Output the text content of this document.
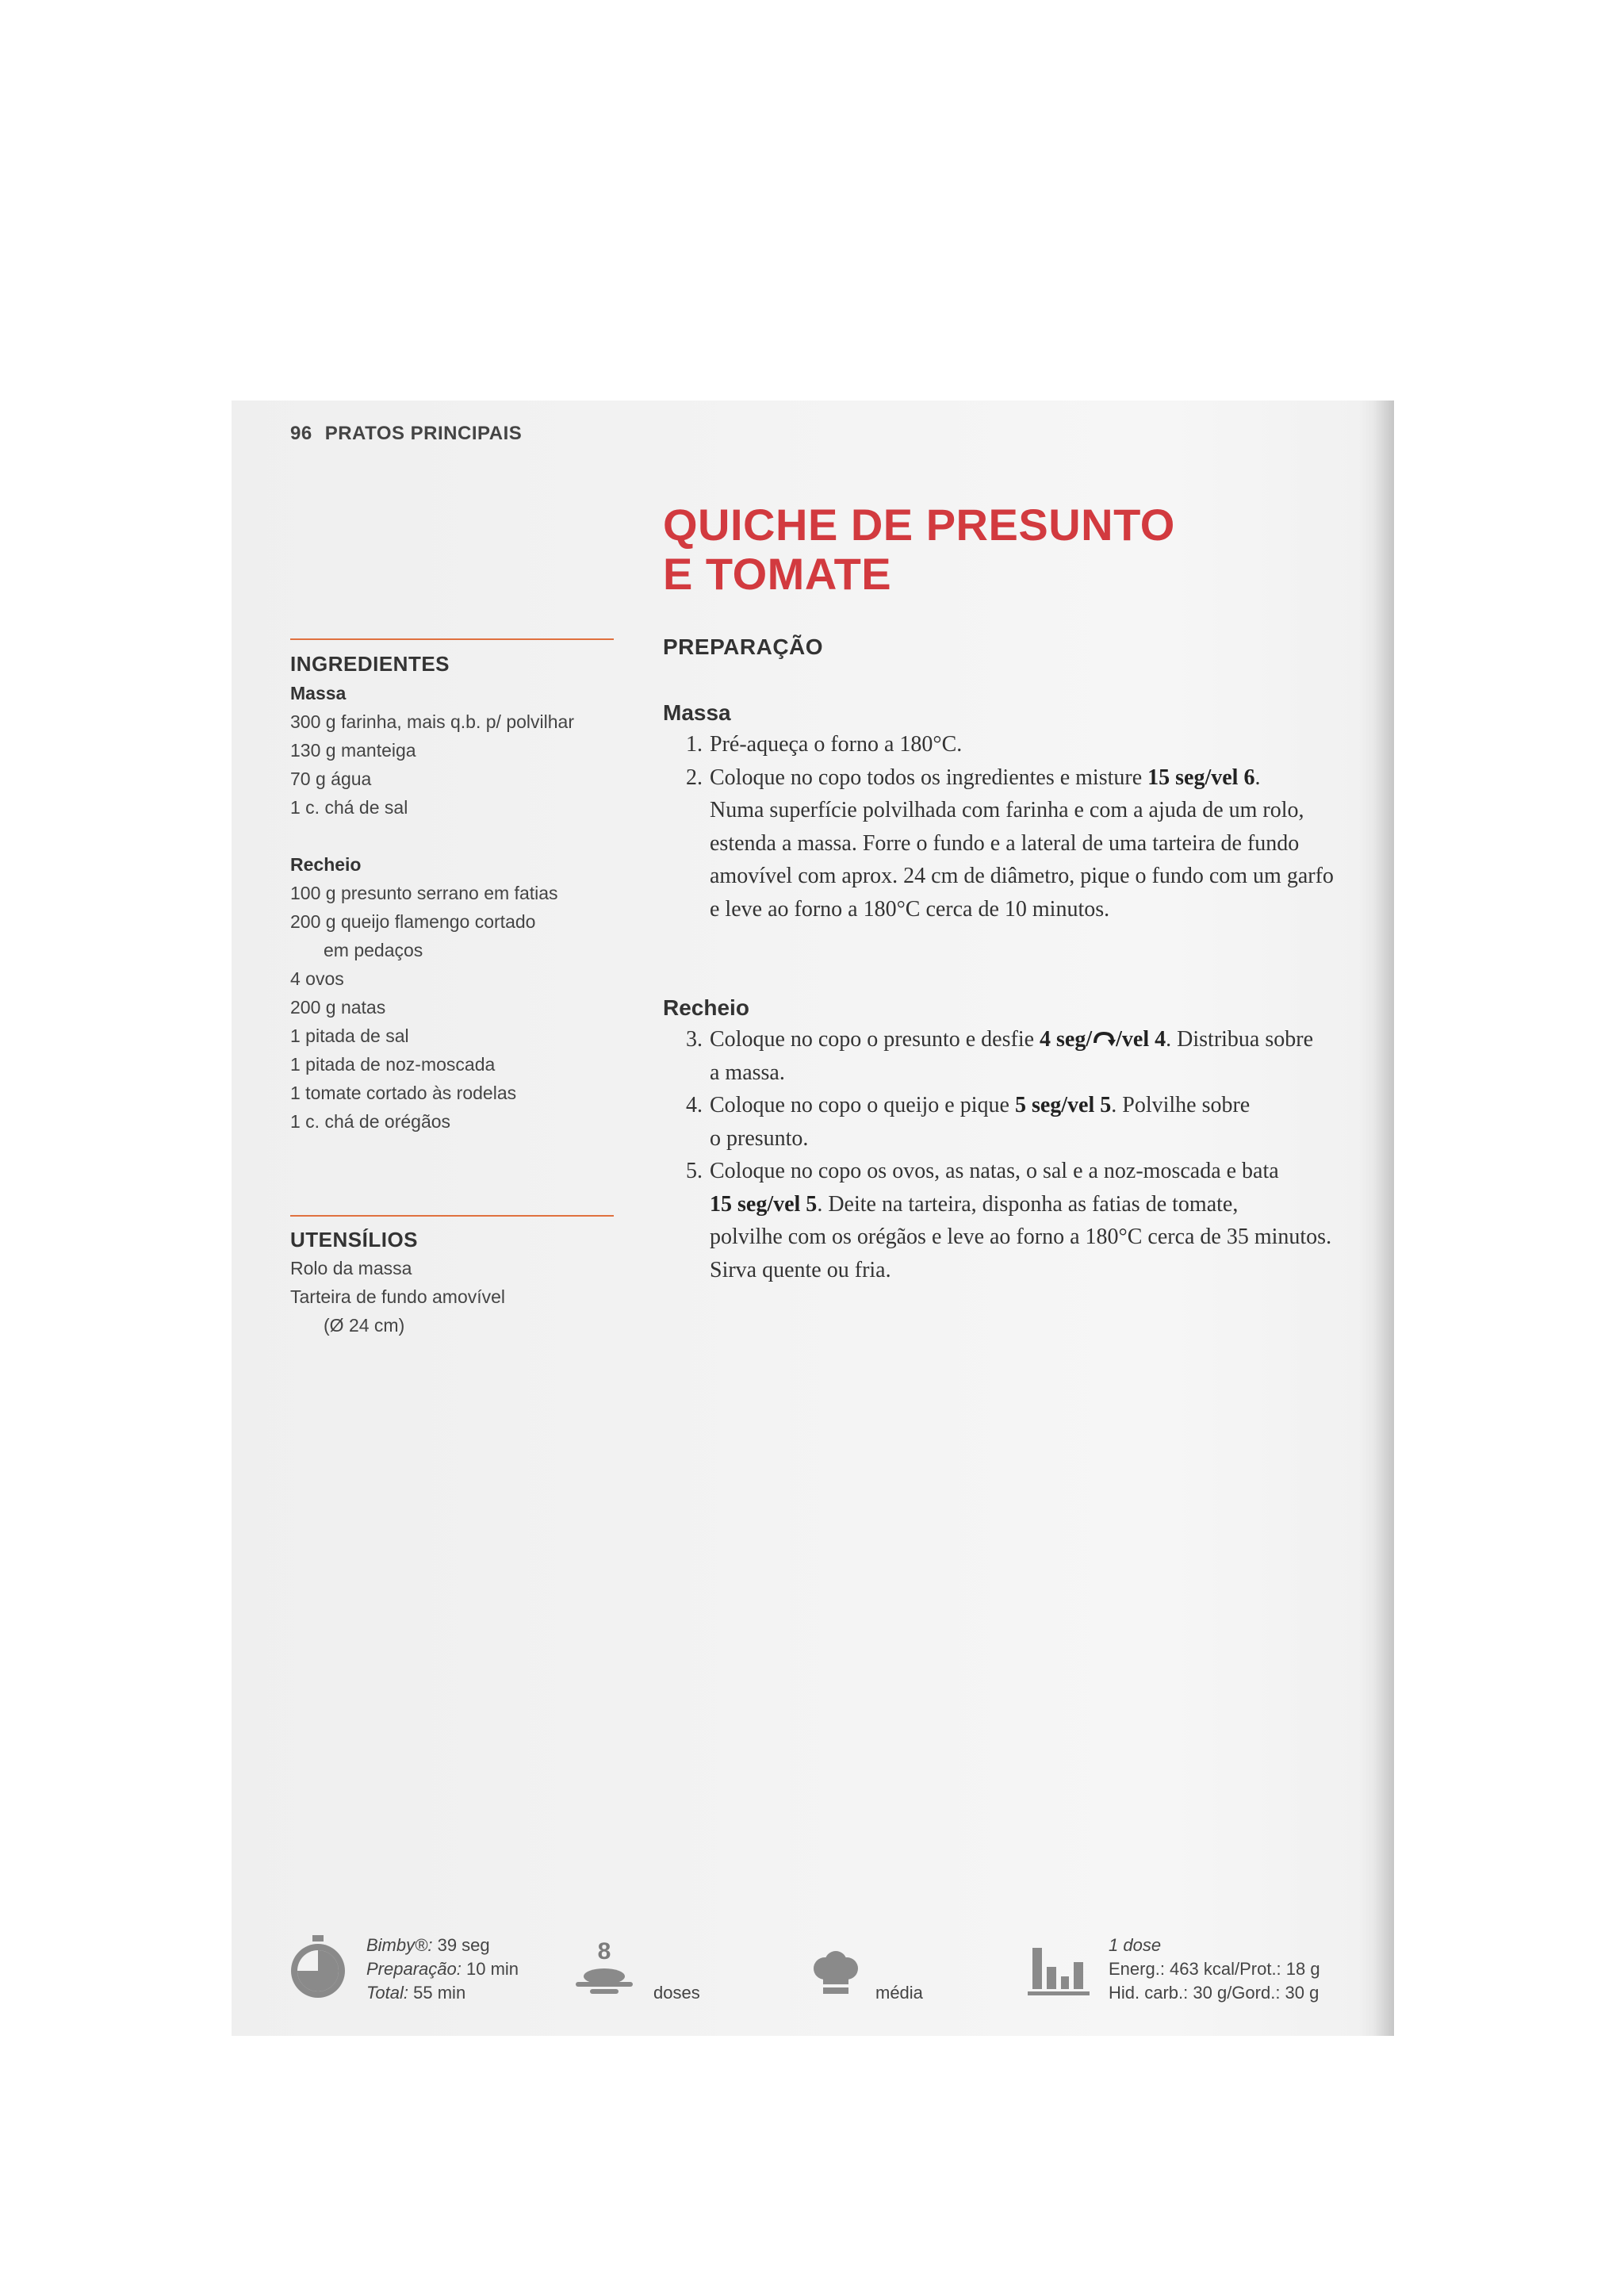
96 PRATOS PRINCIPAIS
QUICHE DE PRESUNTO
E TOMATE
INGREDIENTES
Massa
300 g farinha, mais q.b. p/ polvilhar
130 g manteiga
70 g água
1 c. chá de sal
Recheio
100 g presunto serrano em fatias
200 g queijo flamengo cortado
em pedaços
4 ovos
200 g natas
1 pitada de sal
1 pitada de noz-moscada
1 tomate cortado às rodelas
1 c. chá de orégãos
UTENSÍLIOS
Rolo da massa
Tarteira de fundo amovível
(Ø 24 cm)
PREPARAÇÃO
Massa
1. Pré-aqueça o forno a 180°C.
2. Coloque no copo todos os ingredientes e misture 15 seg/vel 6.
Numa superfície polvilhada com farinha e com a ajuda de um rolo,
estenda a massa. Forre o fundo e a lateral de uma tarteira de fundo
amovível com aprox. 24 cm de diâmetro, pique o fundo com um garfo
e leve ao forno a 180°C cerca de 10 minutos.
Recheio
3. Coloque no copo o presunto e desfie 4 seg/ /vel 4. Distribua sobre
a massa.
4. Coloque no copo o queijo e pique 5 seg/vel 5. Polvilhe sobre
o presunto.
5. Coloque no copo os ovos, as natas, o sal e a noz-moscada e bata
15 seg/vel 5. Deite na tarteira, disponha as fatias de tomate,
polvilhe com os orégãos e leve ao forno a 180°C cerca de 35 minutos.
Sirva quente ou fria.
Bimby®: 39 seg
Preparação: 10 min
Total: 55 min
8
doses	média
1 dose
Energ.: 463 kcal/Prot.: 18 g
Hid. carb.: 30 g/Gord.: 30 g
